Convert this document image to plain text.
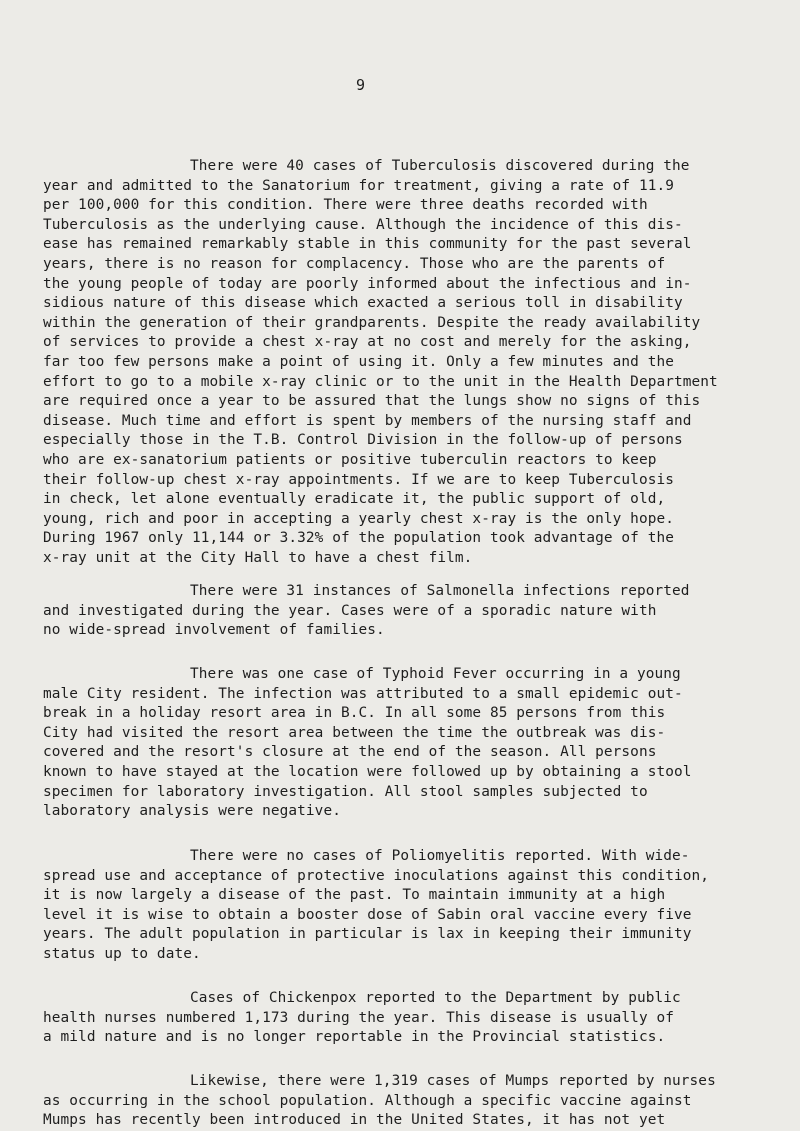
9
There were 40 cases of Tuberculosis discovered during the
year and admitted to the Sanatorium for treatment, giving a rate of 11.9
per 100,000 for this condition. There were three deaths recorded with
Tuberculosis as the underlying cause. Although the incidence of this dis-
ease has remained remarkably stable in this community for the past several
years, there is no reason for complacency. Those who are the parents of
the young people of today are poorly informed about the infectious and in-
sidious nature of this disease which exacted a serious toll in disability
within the generation of their grandparents. Despite the ready availability
of services to provide a chest x-ray at no cost and merely for the asking,
far too few persons make a point of using it. Only a few minutes and the
effort to go to a mobile x-ray clinic or to the unit in the Health Department
are required once a year to be assured that the lungs show no signs of this
disease. Much time and effort is spent by members of the nursing staff and
especially those in the T.B. Control Division in the follow-up of persons
who are ex-sanatorium patients or positive tuberculin reactors to keep
their follow-up chest x-ray appointments. If we are to keep Tuberculosis
in check, let alone eventually eradicate it, the public support of old,
young, rich and poor in accepting a yearly chest x-ray is the only hope.
During 1967 only 11,144 or 3.32% of the population took advantage of the
x-ray unit at the City Hall to have a chest film.
There were 31 instances of Salmonella infections reported
and investigated during the year. Cases were of a sporadic nature with
no wide-spread involvement of families.
There was one case of Typhoid Fever occurring in a young
male City resident. The infection was attributed to a small epidemic out-
break in a holiday resort area in B.C. In all some 85 persons from this
City had visited the resort area between the time the outbreak was dis-
covered and the resort's closure at the end of the season. All persons
known to have stayed at the location were followed up by obtaining a stool
specimen for laboratory investigation. All stool samples subjected to
laboratory analysis were negative.
There were no cases of Poliomyelitis reported. With wide-
spread use and acceptance of protective inoculations against this condition,
it is now largely a disease of the past. To maintain immunity at a high
level it is wise to obtain a booster dose of Sabin oral vaccine every five
years. The adult population in particular is lax in keeping their immunity
status up to date.
Cases of Chickenpox reported to the Department by public
health nurses numbered 1,173 during the year. This disease is usually of
a mild nature and is no longer reportable in the Provincial statistics.
Likewise, there were 1,319 cases of Mumps reported by nurses
as occurring in the school population. Although a specific vaccine against
Mumps has recently been introduced in the United States, it has not yet
